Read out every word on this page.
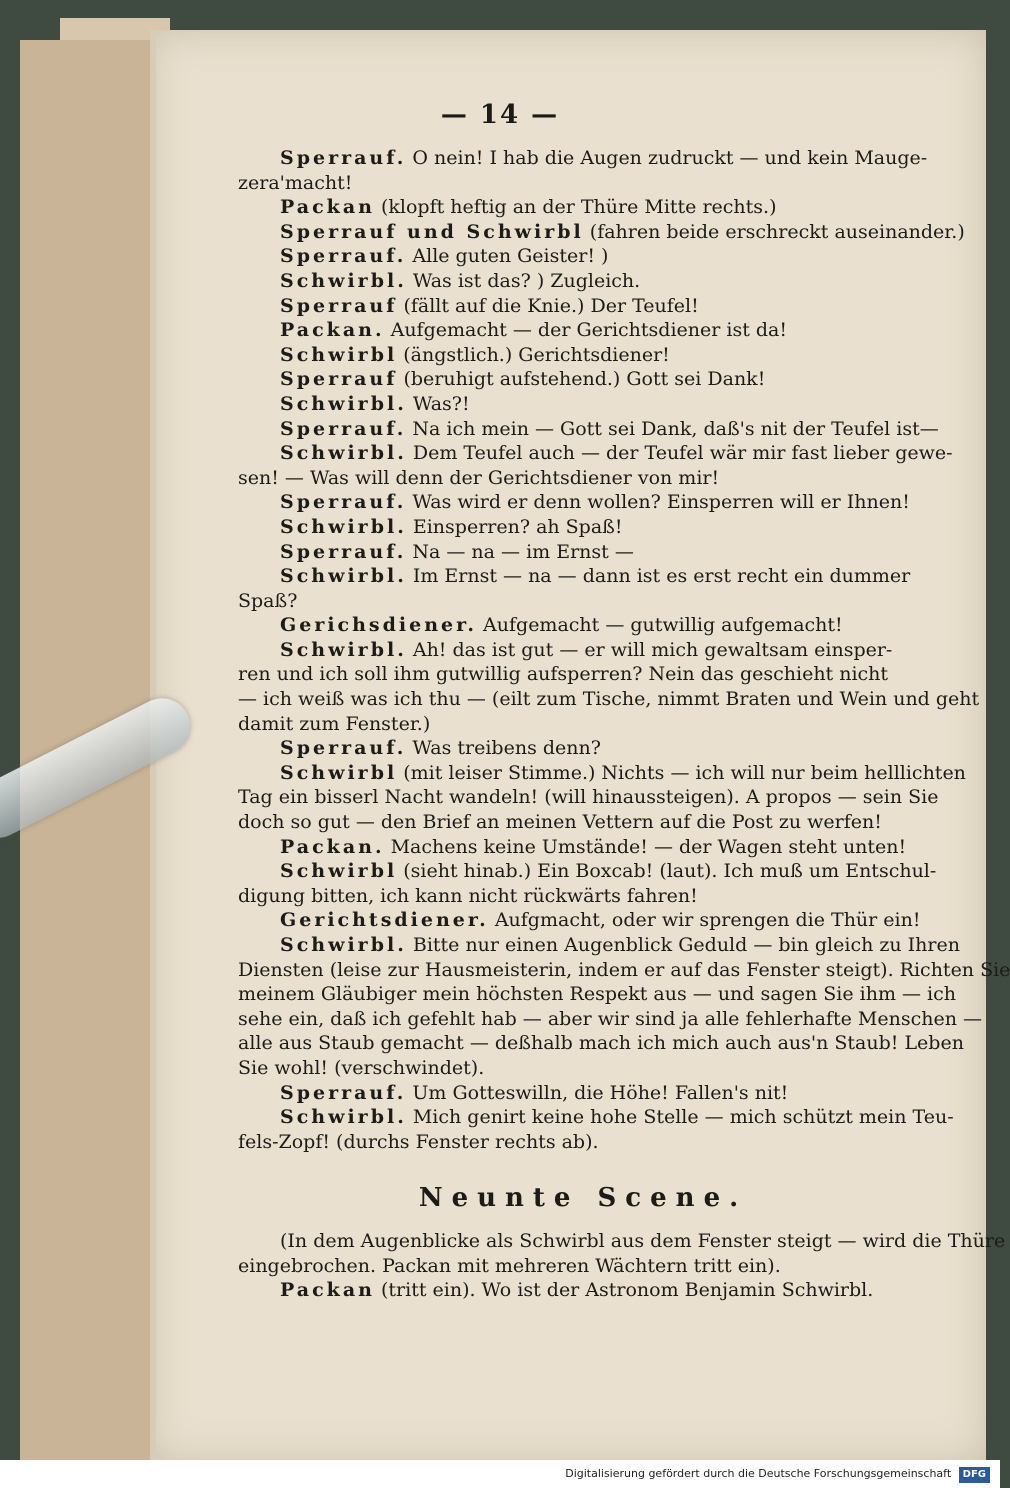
— 14 —
Sperrauf. O nein! I hab die Augen zudruckt — und kein Mauge-
zera'macht!
Packan (klopft heftig an der Thüre Mitte rechts.)
Sperrauf und Schwirbl (fahren beide erschreckt auseinander.)
Sperrauf. Alle guten Geister! )
Schwirbl. Was ist das? ) Zugleich.
Sperrauf (fällt auf die Knie.) Der Teufel!
Packan. Aufgemacht — der Gerichtsdiener ist da!
Schwirbl (ängstlich.) Gerichtsdiener!
Sperrauf (beruhigt aufstehend.) Gott sei Dank!
Schwirbl. Was?!
Sperrauf. Na ich mein — Gott sei Dank, daß's nit der Teufel ist—
Schwirbl. Dem Teufel auch — der Teufel wär mir fast lieber gewe-
sen! — Was will denn der Gerichtsdiener von mir!
Sperrauf. Was wird er denn wollen? Einsperren will er Ihnen!
Schwirbl. Einsperren? ah Spaß!
Sperrauf. Na — na — im Ernst —
Schwirbl. Im Ernst — na — dann ist es erst recht ein dummer
Spaß?
Gerichsdiener. Aufgemacht — gutwillig aufgemacht!
Schwirbl. Ah! das ist gut — er will mich gewaltsam einsper-
ren und ich soll ihm gutwillig aufsperren? Nein das geschieht nicht
— ich weiß was ich thu — (eilt zum Tische, nimmt Braten und Wein und geht
damit zum Fenster.)
Sperrauf. Was treibens denn?
Schwirbl (mit leiser Stimme.) Nichts — ich will nur beim helllichten
Tag ein bisserl Nacht wandeln! (will hinaussteigen). A propos — sein Sie
doch so gut — den Brief an meinen Vettern auf die Post zu werfen!
Packan. Machens keine Umstände! — der Wagen steht unten!
Schwirbl (sieht hinab.) Ein Boxcab! (laut). Ich muß um Entschul-
digung bitten, ich kann nicht rückwärts fahren!
Gerichtsdiener. Aufgmacht, oder wir sprengen die Thür ein!
Schwirbl. Bitte nur einen Augenblick Geduld — bin gleich zu Ihren
Diensten (leise zur Hausmeisterin, indem er auf das Fenster steigt). Richten Sie
meinem Gläubiger mein höchsten Respekt aus — und sagen Sie ihm — ich
sehe ein, daß ich gefehlt hab — aber wir sind ja alle fehlerhafte Menschen —
alle aus Staub gemacht — deßhalb mach ich mich auch aus'n Staub! Leben
Sie wohl! (verschwindet).
Sperrauf. Um Gotteswilln, die Höhe! Fallen's nit!
Schwirbl. Mich genirt keine hohe Stelle — mich schützt mein Teu-
fels-Zopf! (durchs Fenster rechts ab).
Neunte Scene.
(In dem Augenblicke als Schwirbl aus dem Fenster steigt — wird die Thüre
eingebrochen. Packan mit mehreren Wächtern tritt ein).
Packan (tritt ein). Wo ist der Astronom Benjamin Schwirbl.
Digitalisierung gefördert durch die Deutsche Forschungsgemeinschaft DFG
